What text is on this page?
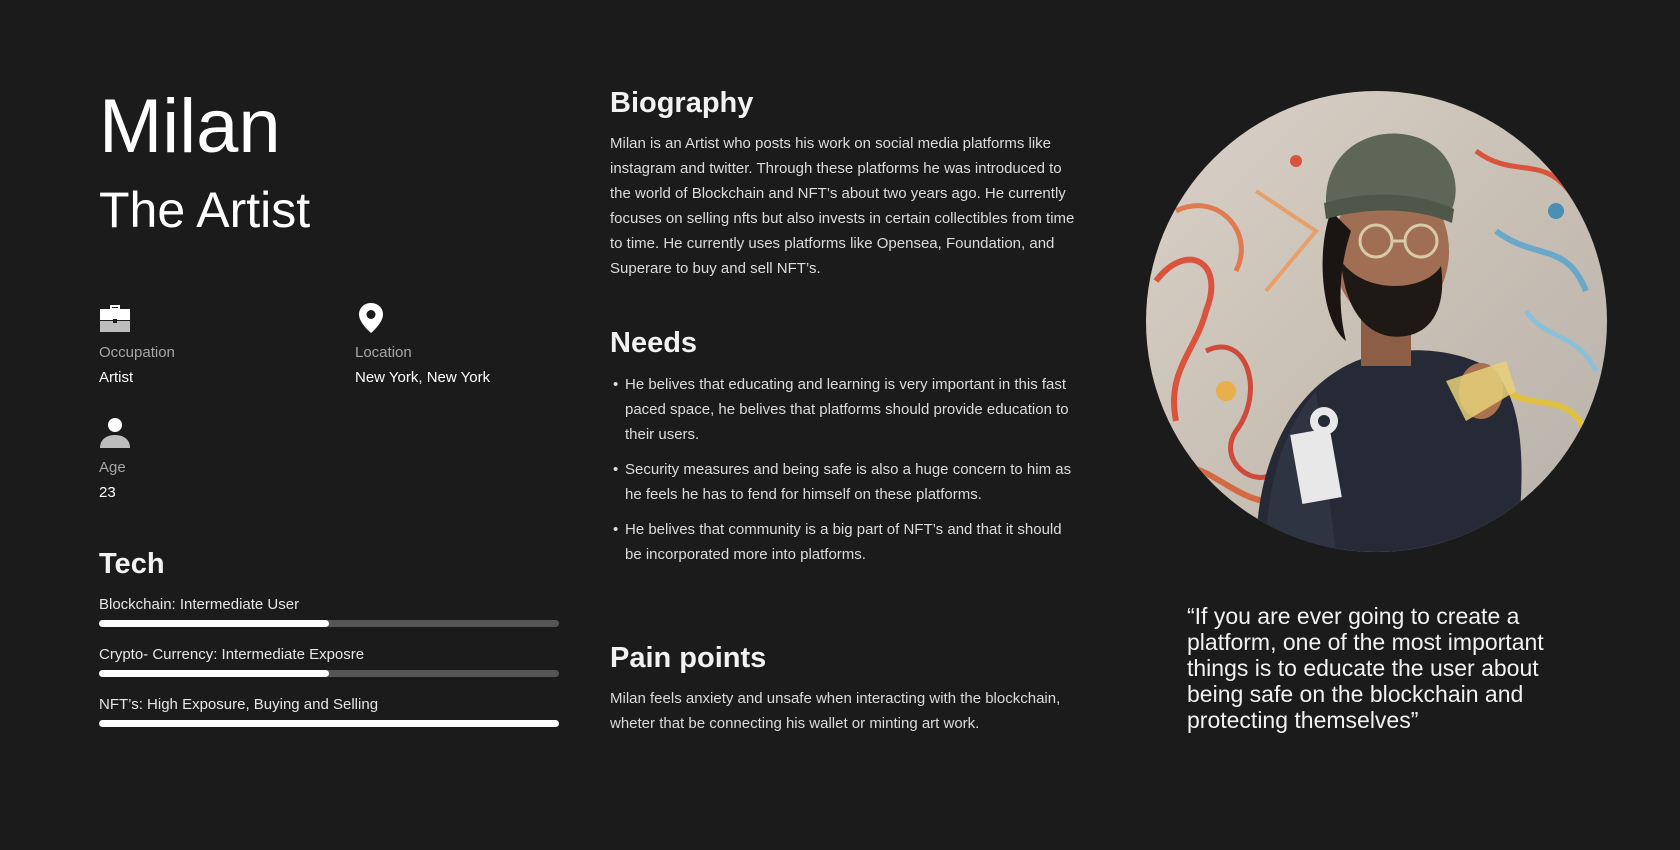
Milan
The Artist
Occupation
Artist
Location
New York, New York
Age
23
Tech
Blockchain: Intermediate User
Crypto- Currency: Intermediate Exposre
NFT’s: High Exposure, Buying and Selling
Biography

Milan is an Artist who posts his work on social media platforms like instagram and twitter. Through these platforms he was introduced to the world of Blockchain and NFT’s about two years ago. He currently focuses on selling nfts but also invests in certain collectibles from time to time. He currently uses platforms like Opensea, Foundation, and Superare to buy and sell NFT’s.

Needs
• He belives that educating and learning is very important in this fast paced space, he belives that platforms should provide education to their users.
• Security measures and being safe is also a huge concern to him as he feels he has to fend for himself on these platforms.
• He belives that community is a big part of NFT’s and that it should be incorporated more into platforms.
Pain points

Milan feels anxiety and unsafe when interacting with the blockchain, wheter that be connecting his wallet or minting art work.

“If you are ever going to create a platform, one of the most important things is to educate the user about being safe on the blockchain and protecting themselves”
